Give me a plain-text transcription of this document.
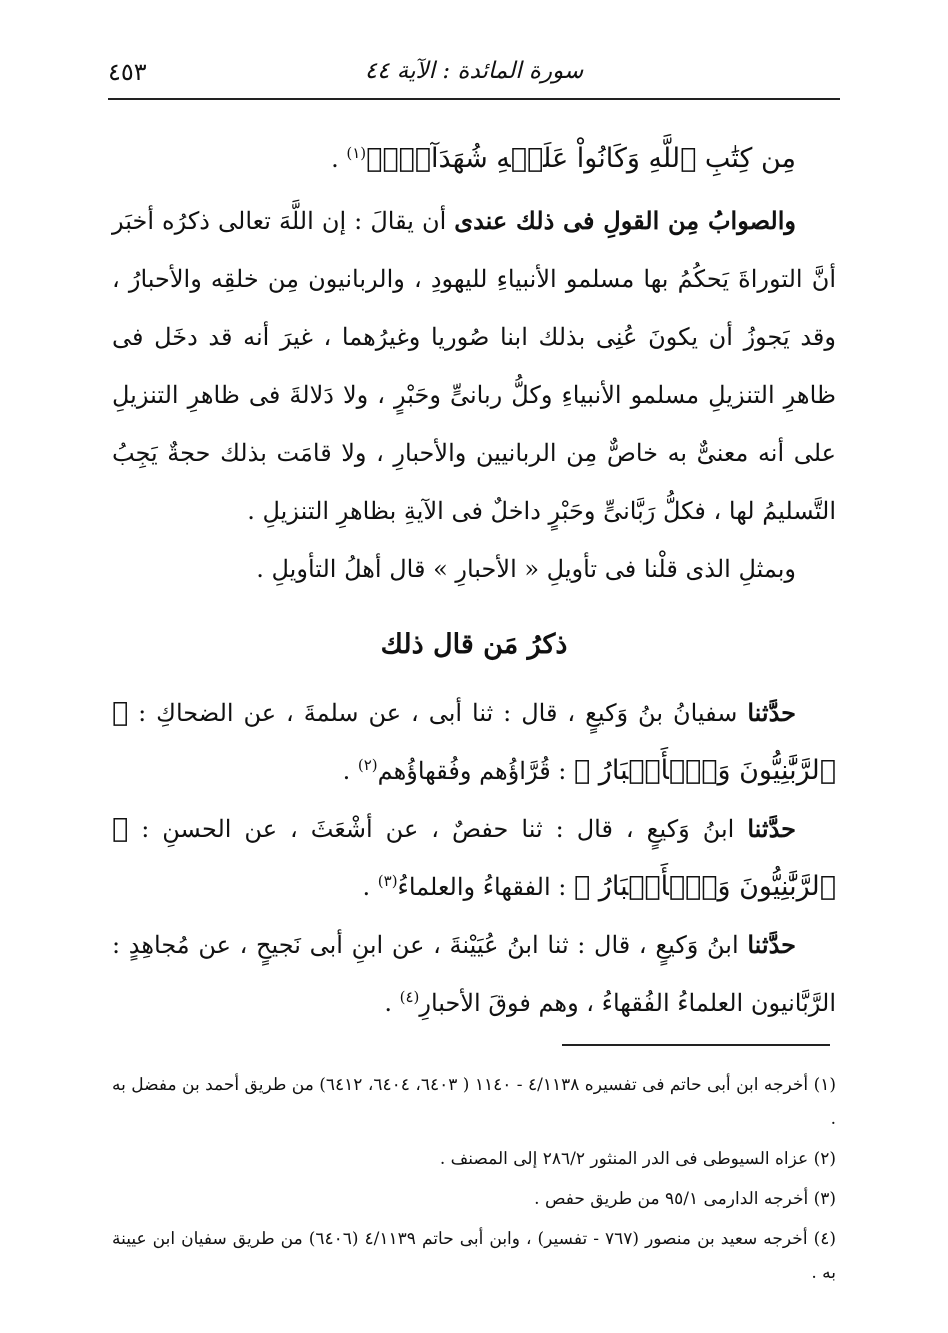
سورة المائدة : الآية ٤٤
٤٥٣

مِن كِتَٰبِ ٱللَّهِ وَكَانُواْ عَلَيۡهِ شُهَدَآءَۚ﴾$^{(١)}$ .

والصوابُ مِن القولِ فى ذلك عندى أن يقالَ : إن اللَّهَ تعالى ذكرُه أخبَر أنَّ التوراةَ يَحكُمُ بها مسلمو الأنبياءِ لليهودِ ، والربانيون مِن خلقِه والأحبارُ ، وقد يَجوزُ أن يكونَ عُنِى بذلك ابنا صُوريا وغيرُهما ، غيرَ أنه قد دخَل فى ظاهرِ التنزيلِ مسلمو الأنبياءِ وكلُّ ربانىٍّ وحَبْرٍ ، ولا دَلالةَ فى ظاهرِ التنزيلِ على أنه معنىٌّ به خاصٌّ مِن الربانيين والأحبارِ ، ولا قامَت بذلك حجةٌ يَجِبُ التَّسليمُ لها ، فكلُّ رَبَّانىٍّ وحَبْرٍ داخلٌ فى الآيةِ بظاهرِ التنزيلِ .

وبمثلِ الذى قلْنا فى تأويلِ « الأحبارِ » قال أهلُ التأويلِ .

ذكرُ مَن قال ذلك

حدَّثنا سفيانُ بنُ وَكيعٍ ، قال : ثنا أبى ، عن سلمةَ ، عن الضحاكِ : ﴿ ٱلرَّبَّٰنِيُّونَ وَٱلۡأَحۡبَارُ ﴾ : قُرَّاؤُهم وفُقهاؤُهم$^{(٢)}$ .

حدَّثنا ابنُ وَكيعٍ ، قال : ثنا حفصٌ ، عن أشْعَثَ ، عن الحسنِ : ﴿ ٱلرَّبَّٰنِيُّونَ وَٱلۡأَحۡبَارُ ﴾ : الفقهاءُ والعلماءُ$^{(٣)}$ .

حدَّثنا ابنُ وَكيعٍ ، قال : ثنا ابنُ عُيَيْنةَ ، عن ابنِ أبى نَجيحٍ ، عن مُجاهِدٍ : الرَّبَّانيون العلماءُ الفُقهاءُ ، وهم فوقَ الأحبارِ$^{(٤)}$ .

(١) أخرجه ابن أبى حاتم فى تفسيره ٤/١١٣٨ - ١١٤٠ ( ٦٤٠٣، ٦٤٠٤، ٦٤١٢) من طريق أحمد بن مفضل به .

(٢) عزاه السيوطى فى الدر المنثور ٢٨٦/٢ إلى المصنف .

(٣) أخرجه الدارمى ٩٥/١ من طريق حفص .

(٤) أخرجه سعيد بن منصور (٧٦٧ - تفسير) ، وابن أبى حاتم ٤/١١٣٩ (٦٤٠٦) من طريق سفيان ابن عيينة به .
